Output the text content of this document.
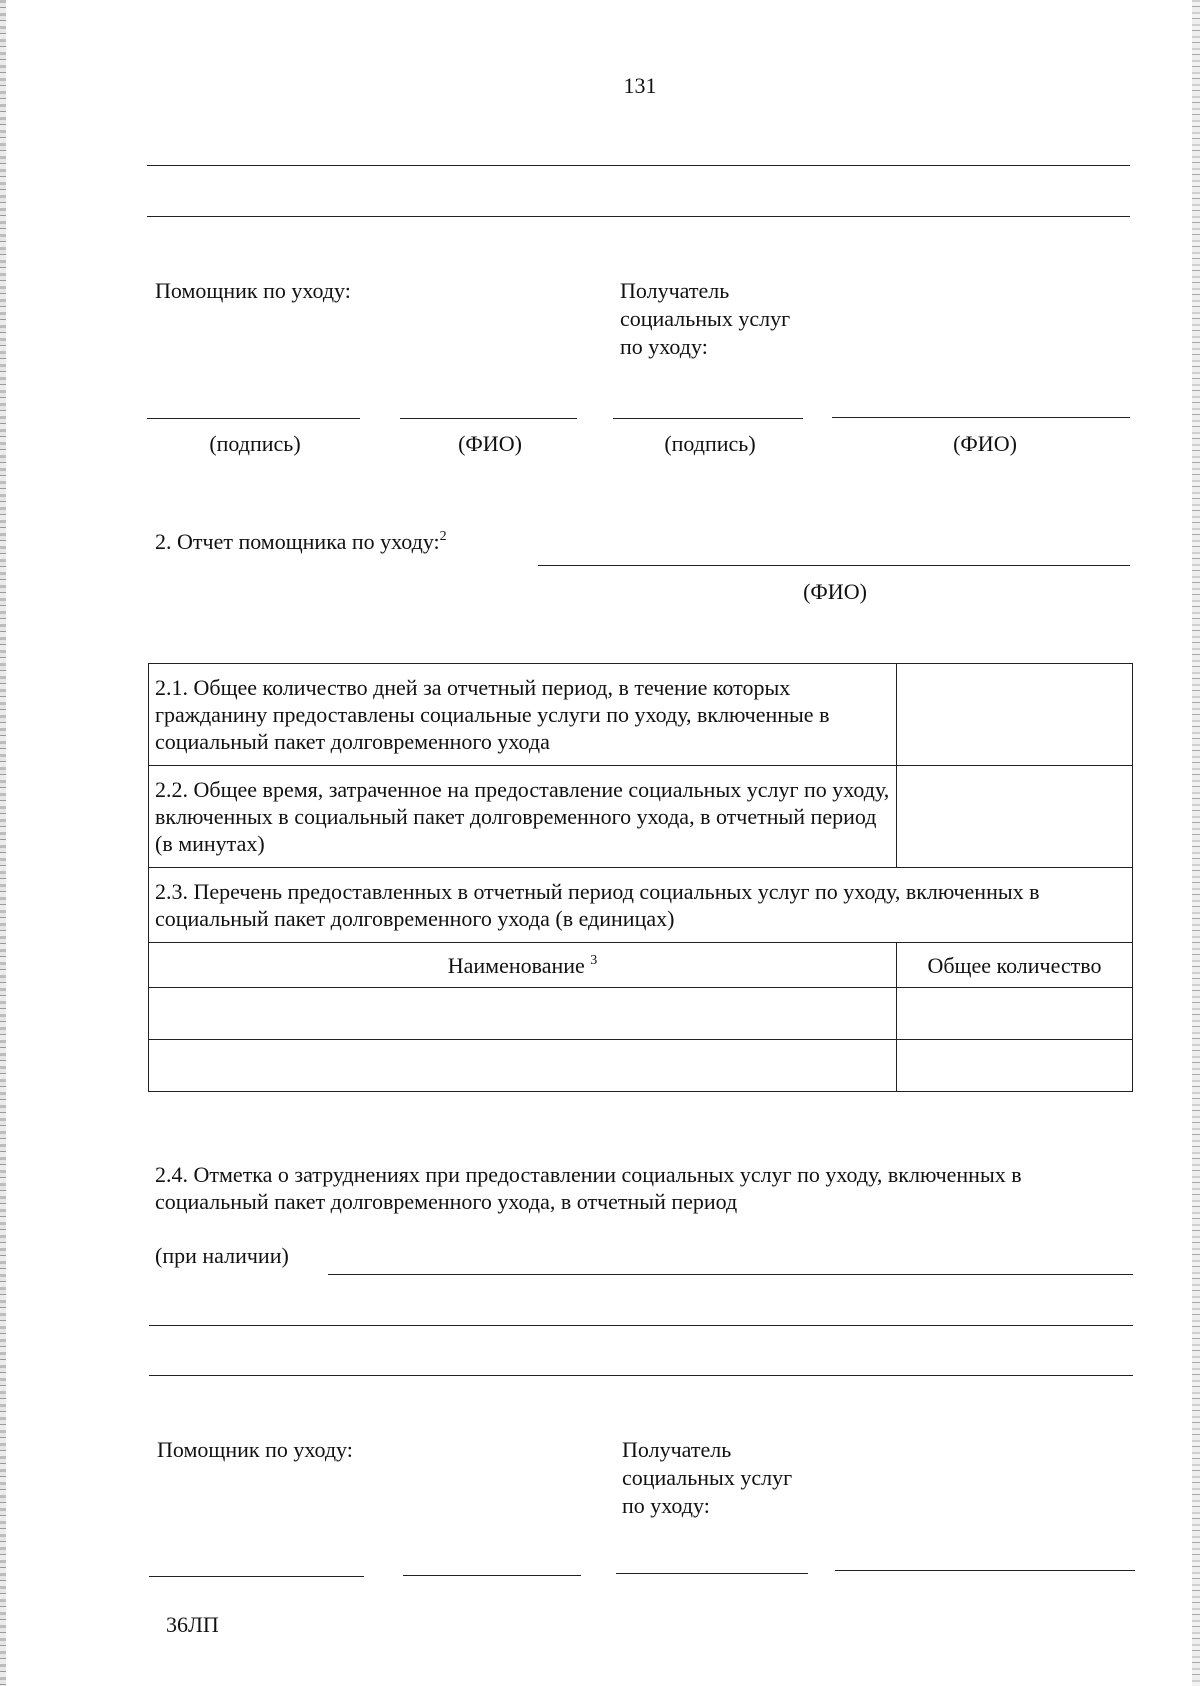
131
Помощник по уходу:	Получатель
социальных услуг
по уходу:
(подпись)	(ФИО)	(подпись)	(ФИО)
2. Отчет помощника по уходу:$^2$
(ФИО)
2.1. Общее количество дней за отчетный период, в течение которых гражданину предоставлены социальные услуги по уходу, включенные в социальный пакет долговременного ухода	
2.2. Общее время, затраченное на предоставление социальных услуг по уходу, включенных в социальный пакет долговременного ухода, в отчетный период (в минутах)	
2.3. Перечень предоставленных в отчетный период социальных услуг по уходу, включенных в социальный пакет долговременного ухода (в единицах)	
Наименование $^3$	Общее количество

2.4. Отметка о затруднениях при предоставлении социальных услуг по уходу, включенных в социальный пакет долговременного ухода, в отчетный период
(при наличии)
Помощник по уходу:	Получатель
социальных услуг
по уходу:
36ЛП
